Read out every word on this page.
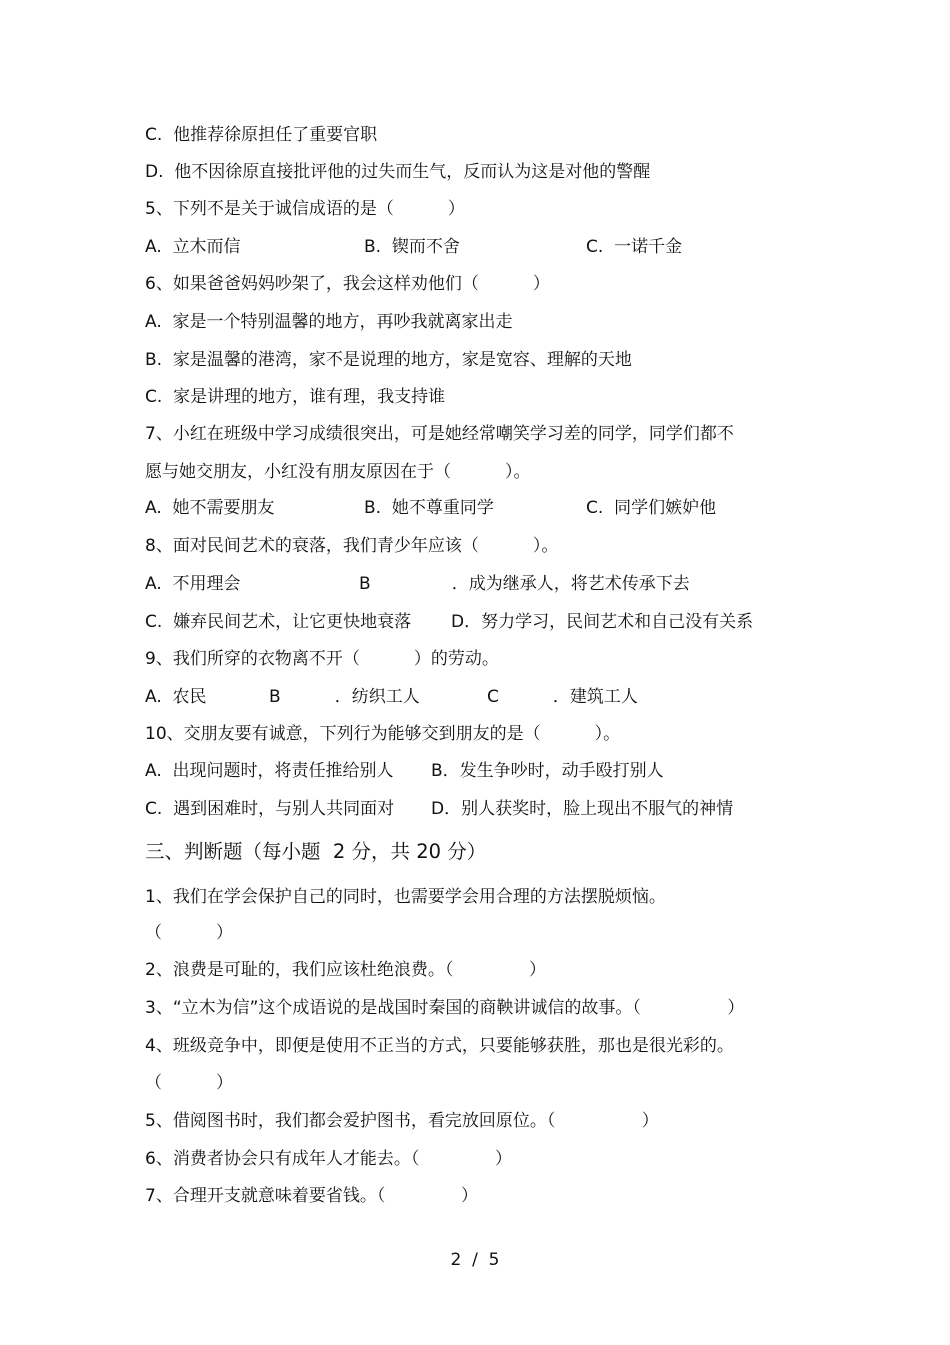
C.  他推荐徐原担任了重要官职
D.  他不因徐原直接批评他的过失而生气，反而认为这是对他的警醒
5、下列不是关于诚信成语的是（          ）
A.  立木而信	B.  锲而不舍	C.  一诺千金
6、如果爸爸妈妈吵架了，我会这样劝他们（          ）
A.  家是一个特别温馨的地方，再吵我就离家出走
B.  家是温馨的港湾，家不是说理的地方，家是宽容、理解的天地
C.  家是讲理的地方，谁有理，我支持谁
7、小红在班级中学习成绩很突出，可是她经常嘲笑学习差的同学，同学们都不
愿与她交朋友，小红没有朋友原因在于（          ）。
A.  她不需要朋友	B.  她不尊重同学	C.  同学们嫉妒他
8、面对民间艺术的衰落，我们青少年应该（          ）。
A.  不用理会	B               ．成为继承人，将艺术传承下去
C.  嫌弃民间艺术，让它更快地衰落 D．努力学习，民间艺术和自己没有关系
9、我们所穿的衣物离不开（          ）的劳动。
A.  农民	B          ．纺织工人	C          ．建筑工人
10、交朋友要有诚意，下列行为能够交到朋友的是（          ）。
A.  出现问题时，将责任推给别人 B．发生争吵时，动手殴打别人
C.  遇到困难时，与别人共同面对 D．别人获奖时，脸上现出不服气的神情
三、判断题（每小题  2 分，共 20 分）
1、我们在学会保护自己的同时，也需要学会用合理的方法摆脱烦恼。
（          ）
2、浪费是可耻的，我们应该杜绝浪费。（              ）
3、“立木为信”这个成语说的是战国时秦国的商鞅讲诚信的故事。（                ）
4、班级竞争中，即便是使用不正当的方式，只要能够获胜，那也是很光彩的。
（          ）
5、借阅图书时，我们都会爱护图书，看完放回原位。（                ）
6、消费者协会只有成年人才能去。（              ）
7、合理开支就意味着要省钱。（              ）
2  /  5
